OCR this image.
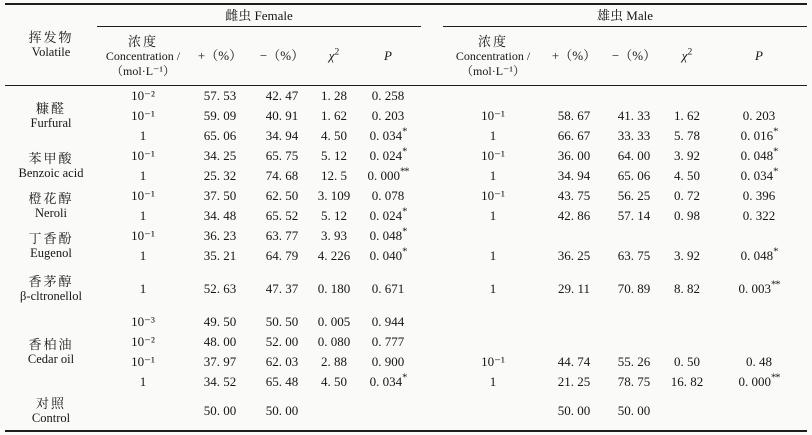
挥发物
Volatile	雌虫 Female						雄虫 Male				

浓度
Concentration /
（mol·L⁻¹）
	+（%）	−（%）	$\chi^2$	P	
浓度
Concentration /
（mol·L⁻¹）
	+（%）	−（%）	$\chi^2$	P

糠醛
Furfural	10⁻²	57. 53	42. 47	1. 28	0. 258						
	10⁻¹	59. 09	40. 91	1. 62	0. 203		10⁻¹	58. 67	41. 33	1. 62	0. 203
	1	65. 06	34. 94	4. 50	0. 034*		1	66. 67	33. 33	5. 78	0. 016*

苯甲酸
Benzoic acid	10⁻¹	34. 25	65. 75	5. 12	0. 024*		10⁻¹	36. 00	64. 00	3. 92	0. 048*
	1	25. 32	74. 68	12. 5	0. 000**		1	34. 94	65. 06	4. 50	0. 034*

橙花醇
Neroli	10⁻¹	37. 50	62. 50	3. 109	0. 078		10⁻¹	43. 75	56. 25	0. 72	0. 396
	1	34. 48	65. 52	5. 12	0. 024*		1	42. 86	57. 14	0. 98	0. 322

丁香酚
Eugenol	10⁻¹	36. 23	63. 77	3. 93	0. 048*					
	1	35. 21	64. 79	4. 226	0. 040*		1	36. 25	63. 75	3. 92	0. 048*

香茅醇
β-cltronellol	1	52. 63	47. 37	0. 180	0. 671		1	29. 11	70. 89	8. 82	0. 003**

香柏油
Cedar oil	10⁻³	49. 50	50. 50	0. 005	0. 944						
	10⁻²	48. 00	52. 00	0. 080	0. 777						
	10⁻¹	37. 97	62. 03	2. 88	0. 900		10⁻¹	44. 74	55. 26	0. 50	0. 48
	1	34. 52	65. 48	4. 50	0. 034*		1	21. 25	78. 75	16. 82	0. 000**

对照
Control		50. 00	50. 00					50. 00	50. 00		
